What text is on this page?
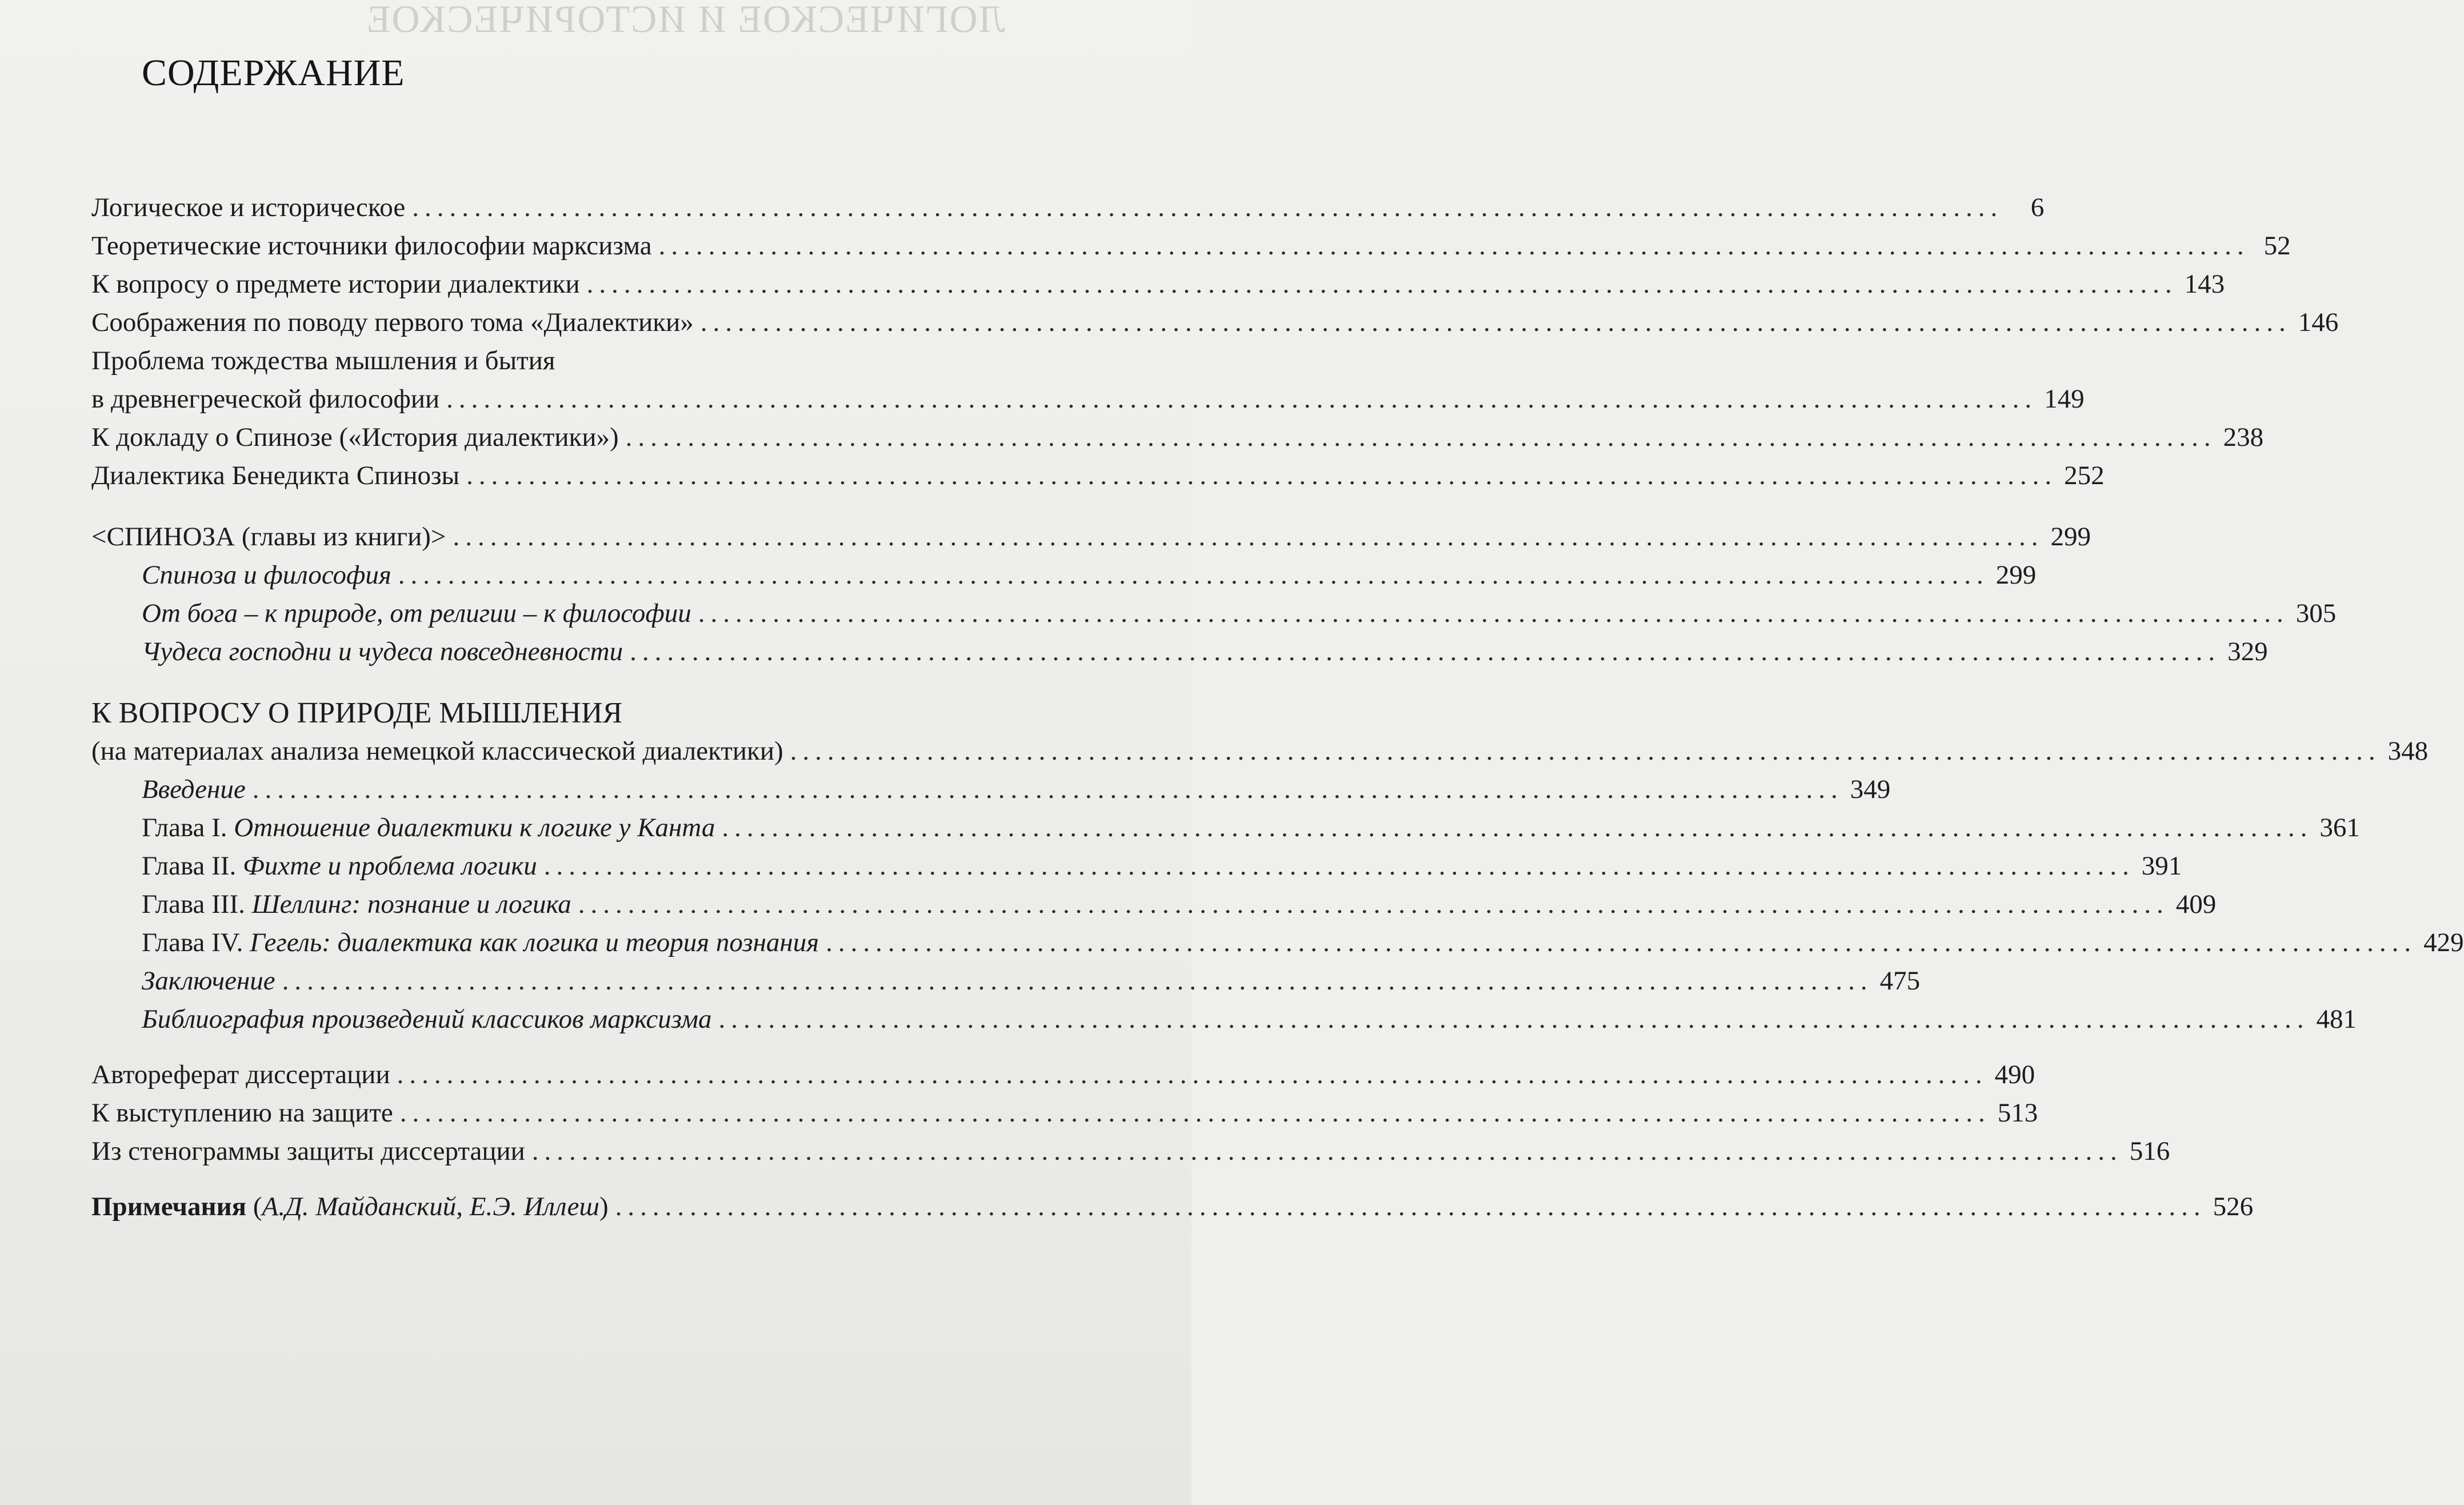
ЛОГИЧЕСКОЕ И ИСТОРИЧЕСКОЕ
СОДЕРЖАНИЕ
Логическое и историческое ................................................................................................................................	6
Теоретические источники философии марксизма ................................................................................................................................ 52
К вопросу о предмете истории диалектики ................................................................................................................................ 143
Соображения по поводу первого тома «Диалектики» ................................................................................................................................ 146
Проблема тождества мышления и бытия
в древнегреческой философии ................................................................................................................................ 149
К докладу о Спинозе («История диалектики») ................................................................................................................................ 238
Диалектика Бенедикта Спинозы ................................................................................................................................ 252
<СПИНОЗА (главы из книги)> ................................................................................................................................ 299
Спиноза и философия ................................................................................................................................ 299
От бога – к природе, от религии – к философии ................................................................................................................................ 305
Чудеса господни и чудеса повседневности ................................................................................................................................ 329
К ВОПРОСУ О ПРИРОДЕ МЫШЛЕНИЯ
(на материалах анализа немецкой классической диалектики) ................................................................................................................................ 348
Введение ................................................................................................................................ 349
Глава I. Отношение диалектики к логике у Канта ................................................................................................................................ 361
Глава II. Фихте и проблема логики ................................................................................................................................ 391
Глава III. Шеллинг: познание и логика ................................................................................................................................ 409
Глава IV. Гегель: диалектика как логика и теория познания ................................................................................................................................ 429
Заключение ................................................................................................................................ 475
Библиография произведений классиков марксизма ................................................................................................................................ 481
Автореферат диссертации ................................................................................................................................ 490
К выступлению на защите ................................................................................................................................ 513
Из стенограммы защиты диссертации ................................................................................................................................ 516
Примечания (А.Д. Майданский, Е.Э. Иллеш) ................................................................................................................................ 526
